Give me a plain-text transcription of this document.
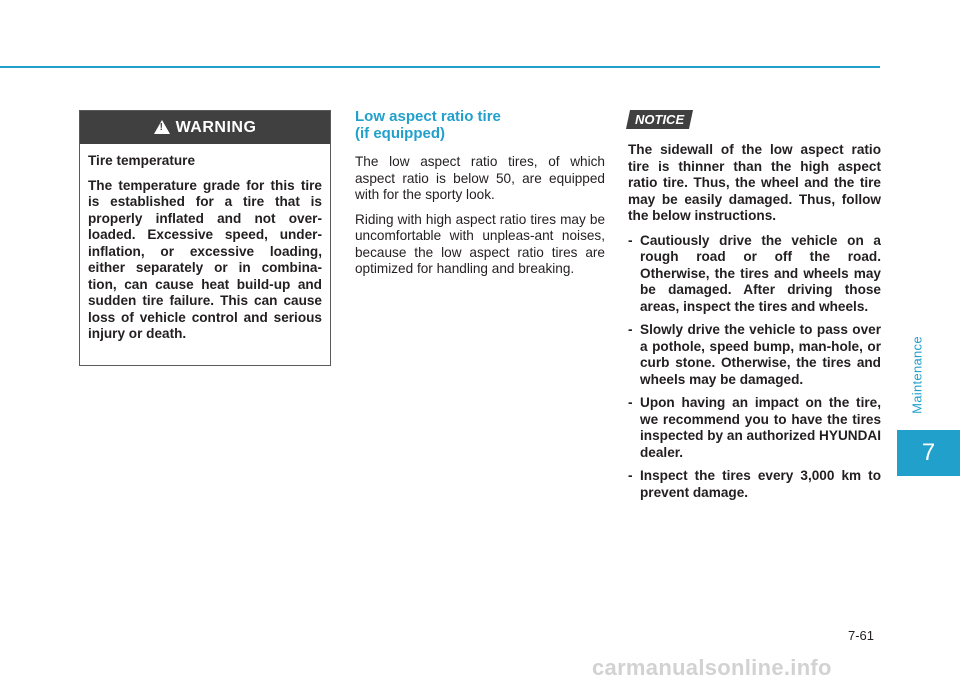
! WARNING

Tire temperature

The temperature grade for this tire is established for a tire that is properly inflated and not over-loaded. Excessive speed, under-inflation, or excessive loading, either separately or in combina-tion, can cause heat build-up and sudden tire failure. This can cause loss of vehicle control and serious injury or death.

Low aspect ratio tire
(if equipped)

The low aspect ratio tires, of which aspect ratio is below 50, are equipped with for the sporty look.

Riding with high aspect ratio tires may be uncomfortable with unpleas-ant noises, because the low aspect ratio tires are optimized for handling and breaking.

NOTICE

The sidewall of the low aspect ratio tire is thinner than the high aspect ratio tire. Thus, the wheel and the tire may be easily damaged. Thus, follow the below instructions.

- Cautiously drive the vehicle on a rough road or off the road. Otherwise, the tires and wheels may be damaged. After driving those areas, inspect the tires and wheels.
- Slowly drive the vehicle to pass over a pothole, speed bump, man-hole, or curb stone. Otherwise, the tires and wheels may be damaged.
- Upon having an impact on the tire, we recommend you to have the tires inspected by an authorized HYUNDAI dealer.
- Inspect the tires every 3,000 km to prevent damage.
Maintenance
7
7-61
carmanualsonline.info
